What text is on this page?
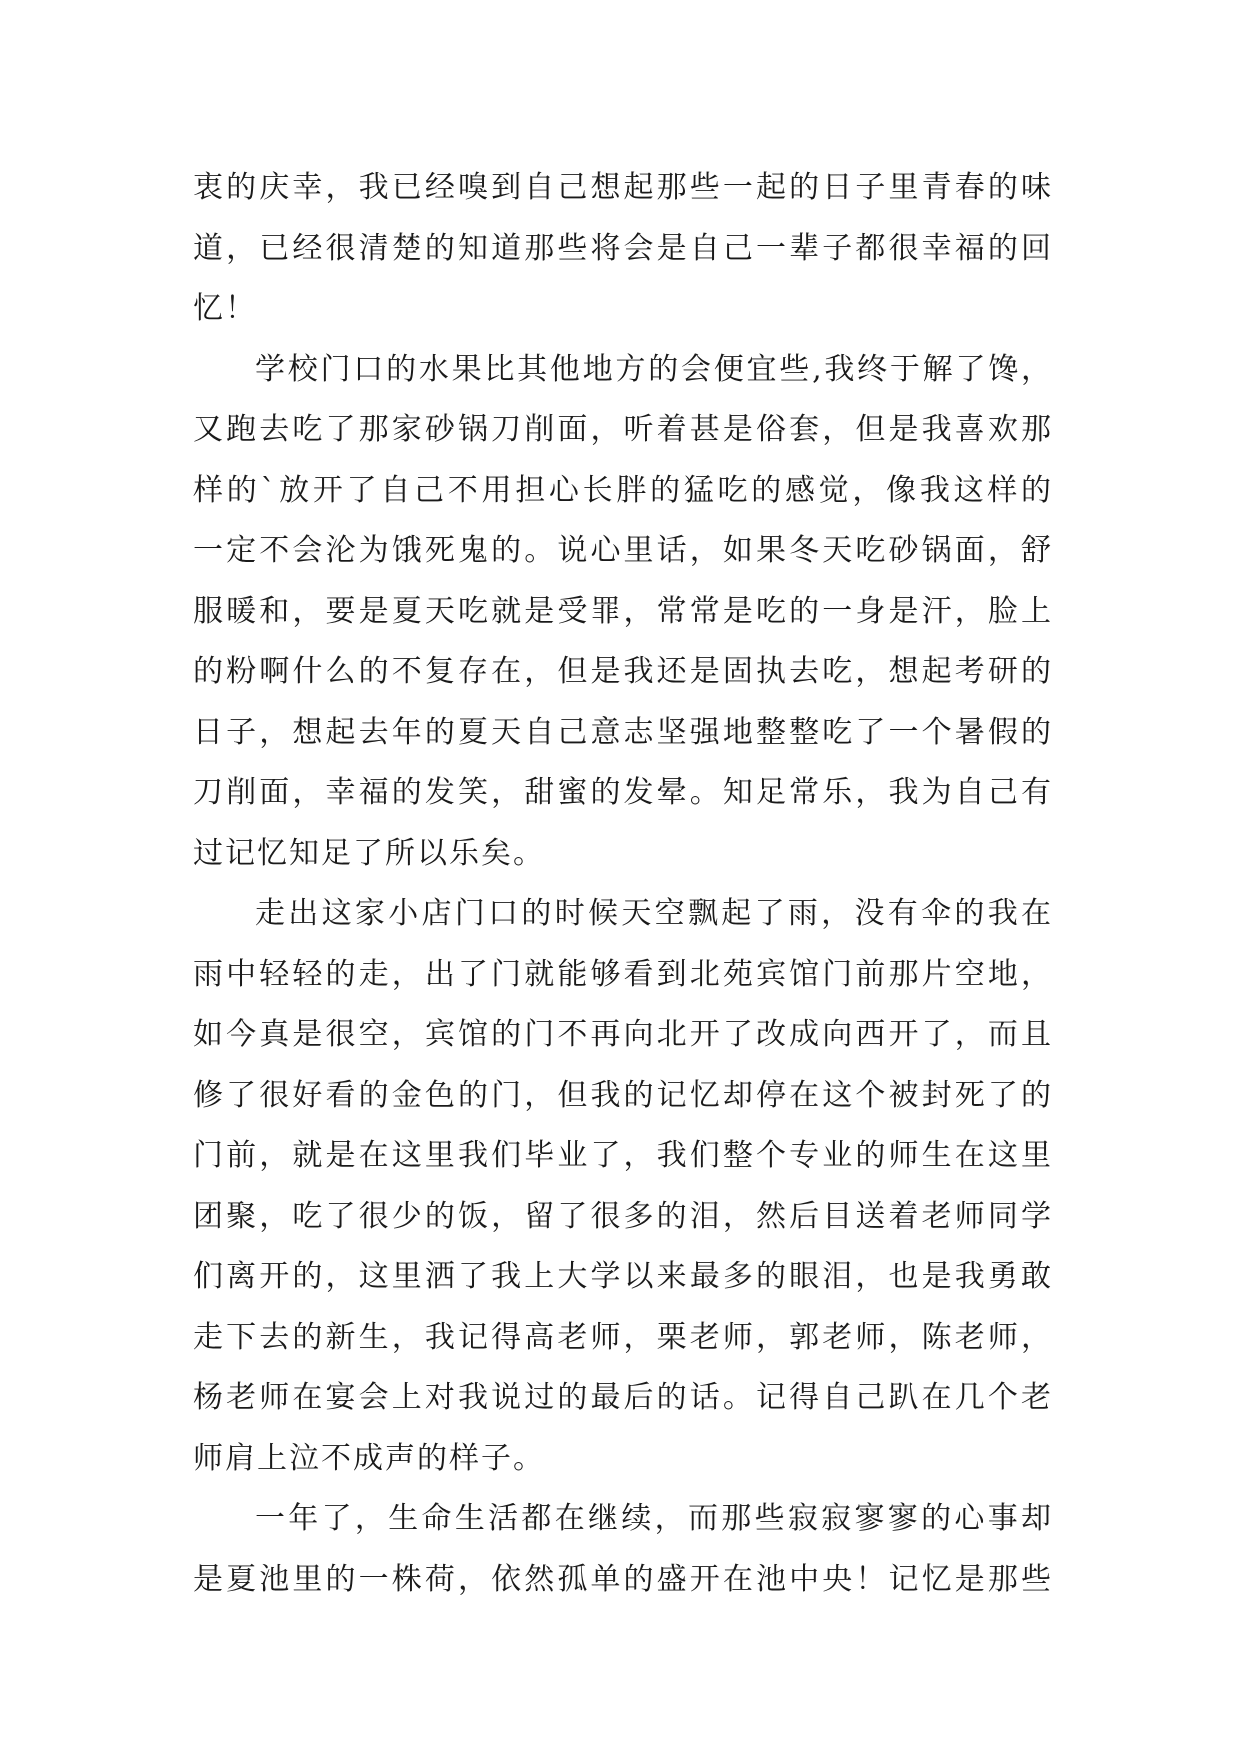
衷的庆幸，我已经嗅到自己想起那些一起的日子里青春的味
道，已经很清楚的知道那些将会是自己一辈子都很幸福的回
忆！
学校门口的水果比其他地方的会便宜些,我终于解了馋，
又跑去吃了那家砂锅刀削面，听着甚是俗套，但是我喜欢那
样的`放开了自己不用担心长胖的猛吃的感觉，像我这样的
一定不会沦为饿死鬼的。说心里话，如果冬天吃砂锅面，舒
服暖和，要是夏天吃就是受罪，常常是吃的一身是汗，脸上
的粉啊什么的不复存在，但是我还是固执去吃，想起考研的
日子，想起去年的夏天自己意志坚强地整整吃了一个暑假的
刀削面，幸福的发笑，甜蜜的发晕。知足常乐，我为自己有
过记忆知足了所以乐矣。
走出这家小店门口的时候天空飘起了雨，没有伞的我在
雨中轻轻的走，出了门就能够看到北苑宾馆门前那片空地，
如今真是很空，宾馆的门不再向北开了改成向西开了，而且
修了很好看的金色的门，但我的记忆却停在这个被封死了的
门前，就是在这里我们毕业了，我们整个专业的师生在这里
团聚，吃了很少的饭，留了很多的泪，然后目送着老师同学
们离开的，这里洒了我上大学以来最多的眼泪，也是我勇敢
走下去的新生，我记得高老师，栗老师，郭老师，陈老师，
杨老师在宴会上对我说过的最后的话。记得自己趴在几个老
师肩上泣不成声的样子。
一年了，生命生活都在继续，而那些寂寂寥寥的心事却
是夏池里的一株荷，依然孤单的盛开在池中央！记忆是那些
